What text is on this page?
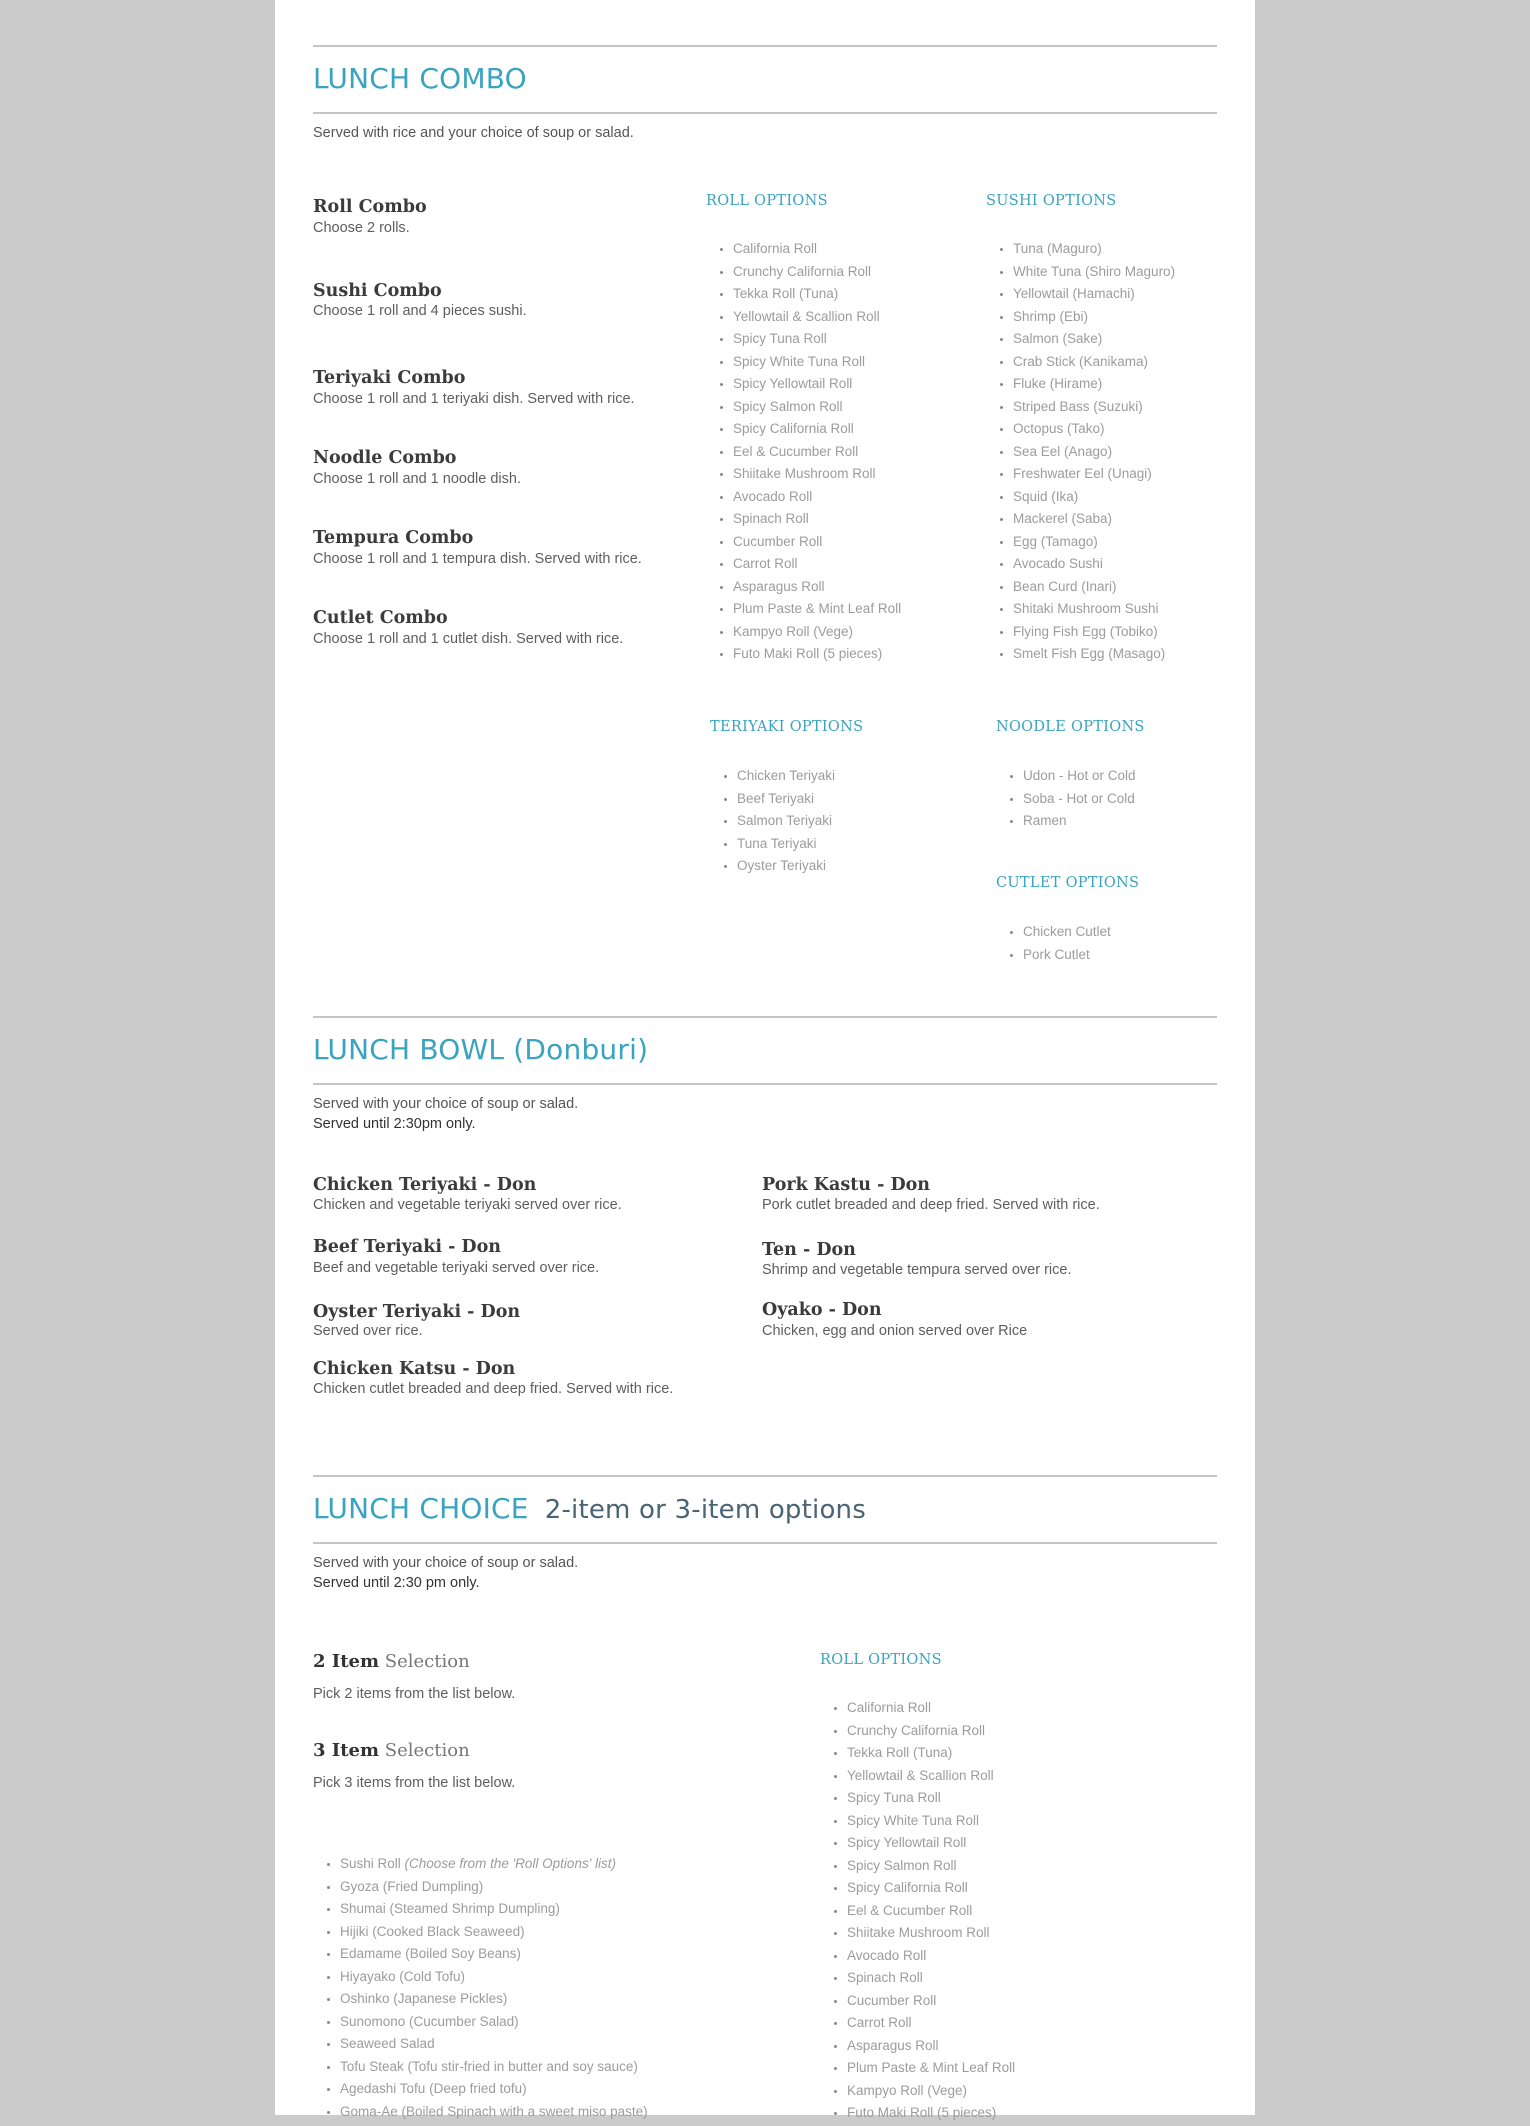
LUNCH COMBO

Served with rice and your choice of soup or salad.

Roll Combo

Choose 2 rolls.

Sushi Combo

Choose 1 roll and 4 pieces sushi.

Teriyaki Combo

Choose 1 roll and 1 teriyaki dish. Served with rice.

Noodle Combo

Choose 1 roll and 1 noodle dish.

Tempura Combo

Choose 1 roll and 1 tempura dish. Served with rice.

Cutlet Combo

Choose 1 roll and 1 cutlet dish. Served with rice.

ROLL OPTIONS
• California Roll
• Crunchy California Roll
• Tekka Roll (Tuna)
• Yellowtail & Scallion Roll
• Spicy Tuna Roll
• Spicy White Tuna Roll
• Spicy Yellowtail Roll
• Spicy Salmon Roll
• Spicy California Roll
• Eel & Cucumber Roll
• Shiitake Mushroom Roll
• Avocado Roll
• Spinach Roll
• Cucumber Roll
• Carrot Roll
• Asparagus Roll
• Plum Paste & Mint Leaf Roll
• Kampyo Roll (Vege)
• Futo Maki Roll (5 pieces)
SUSHI OPTIONS
• Tuna (Maguro)
• White Tuna (Shiro Maguro)
• Yellowtail (Hamachi)
• Shrimp (Ebi)
• Salmon (Sake)
• Crab Stick (Kanikama)
• Fluke (Hirame)
• Striped Bass (Suzuki)
• Octopus (Tako)
• Sea Eel (Anago)
• Freshwater Eel (Unagi)
• Squid (Ika)
• Mackerel (Saba)
• Egg (Tamago)
• Avocado Sushi
• Bean Curd (Inari)
• Shitaki Mushroom Sushi
• Flying Fish Egg (Tobiko)
• Smelt Fish Egg (Masago)
TERIYAKI OPTIONS
• Chicken Teriyaki
• Beef Teriyaki
• Salmon Teriyaki
• Tuna Teriyaki
• Oyster Teriyaki
NOODLE OPTIONS
• Udon - Hot or Cold
• Soba - Hot or Cold
• Ramen
CUTLET OPTIONS
• Chicken Cutlet
• Pork Cutlet
LUNCH BOWL (Donburi)

Served with your choice of soup or salad.
Served until 2:30pm only.

Chicken Teriyaki - Don

Chicken and vegetable teriyaki served over rice.

Beef Teriyaki - Don

Beef and vegetable teriyaki served over rice.

Oyster Teriyaki - Don

Served over rice.

Chicken Katsu - Don

Chicken cutlet breaded and deep fried. Served with rice.

Pork Kastu - Don

Pork cutlet breaded and deep fried. Served with rice.

Ten - Don

Shrimp and vegetable tempura served over rice.

Oyako - Don

Chicken, egg and onion served over Rice

LUNCH CHOICE 2-item or 3-item options

Served with your choice of soup or salad.
Served until 2:30 pm only.

2 Item Selection

Pick 2 items from the list below.

3 Item Selection

Pick 3 items from the list below.

• Sushi Roll (Choose from the 'Roll Options' list)
• Gyoza (Fried Dumpling)
• Shumai (Steamed Shrimp Dumpling)
• Hijiki (Cooked Black Seaweed)
• Edamame (Boiled Soy Beans)
• Hiyayako (Cold Tofu)
• Oshinko (Japanese Pickles)
• Sunomono (Cucumber Salad)
• Seaweed Salad
• Tofu Steak (Tofu stir-fried in butter and soy sauce)
• Agedashi Tofu (Deep fried tofu)
• Goma-Ae (Boiled Spinach with a sweet miso paste)
ROLL OPTIONS
• California Roll
• Crunchy California Roll
• Tekka Roll (Tuna)
• Yellowtail & Scallion Roll
• Spicy Tuna Roll
• Spicy White Tuna Roll
• Spicy Yellowtail Roll
• Spicy Salmon Roll
• Spicy California Roll
• Eel & Cucumber Roll
• Shiitake Mushroom Roll
• Avocado Roll
• Spinach Roll
• Cucumber Roll
• Carrot Roll
• Asparagus Roll
• Plum Paste & Mint Leaf Roll
• Kampyo Roll (Vege)
• Futo Maki Roll (5 pieces)
